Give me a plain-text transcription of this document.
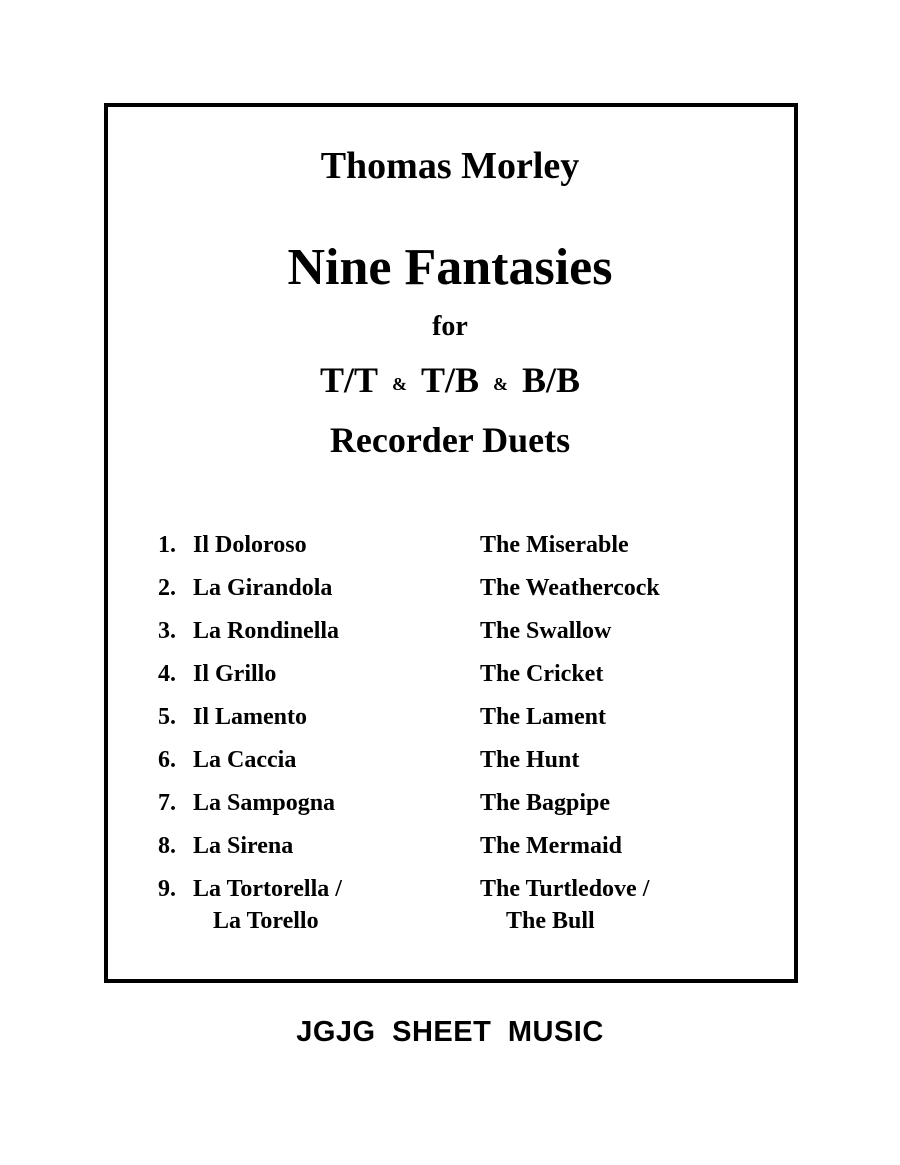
Thomas Morley
Nine Fantasies
for
T/T & T/B & B/B
Recorder Duets
1. Il Doloroso	The Miserable
2. La Girandola	The Weathercock
3. La Rondinella	The Swallow
4. Il Grillo	The Cricket
5. Il Lamento	The Lament
6. La Caccia	The Hunt
7. La Sampogna	The Bagpipe
8. La Sirena	The Mermaid
9. La Tortorella /	The Turtledove /
La Torello	The Bull
JGJG SHEET MUSIC
